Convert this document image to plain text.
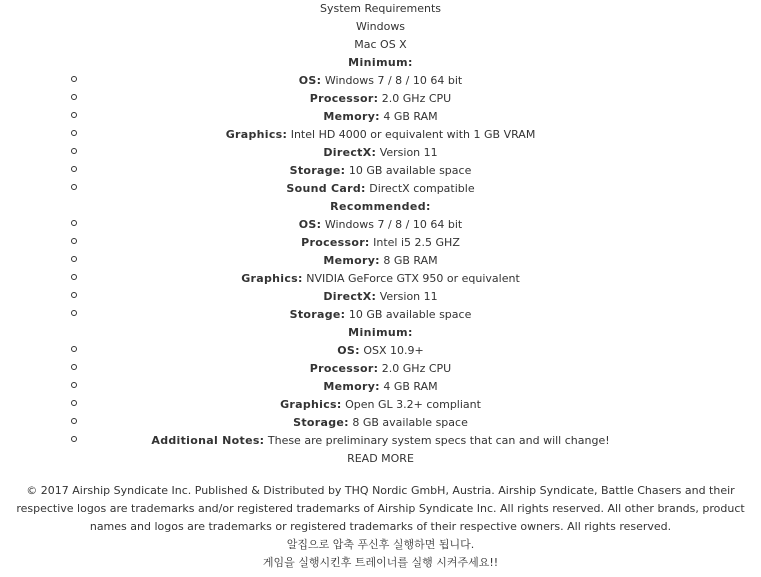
System Requirements
Windows
Mac OS X
Minimum:
OS: Windows 7 / 8 / 10 64 bit
Processor: 2.0 GHz CPU
Memory: 4 GB RAM
Graphics: Intel HD 4000 or equivalent with 1 GB VRAM
DirectX: Version 11
Storage: 10 GB available space
Sound Card: DirectX compatible
Recommended:
OS: Windows 7 / 8 / 10 64 bit
Processor: Intel i5 2.5 GHZ
Memory: 8 GB RAM
Graphics: NVIDIA GeForce GTX 950 or equivalent
DirectX: Version 11
Storage: 10 GB available space
Minimum:
OS: OSX 10.9+
Processor: 2.0 GHz CPU
Memory: 4 GB RAM
Graphics: Open GL 3.2+ compliant
Storage: 8 GB available space
Additional Notes: These are preliminary system specs that can and will change!
READ MORE

© 2017 Airship Syndicate Inc. Published & Distributed by THQ Nordic GmbH, Austria. Airship Syndicate, Battle Chasers and their respective logos are trademarks and/or registered trademarks of Airship Syndicate Inc. All rights reserved. All other brands, product names and logos are trademarks or registered trademarks of their respective owners. All rights reserved.

알집으로 압축 푸신후 실행하면 됩니다.

게임을 실행시킨후 트레이너를 실행 시켜주세요!!
